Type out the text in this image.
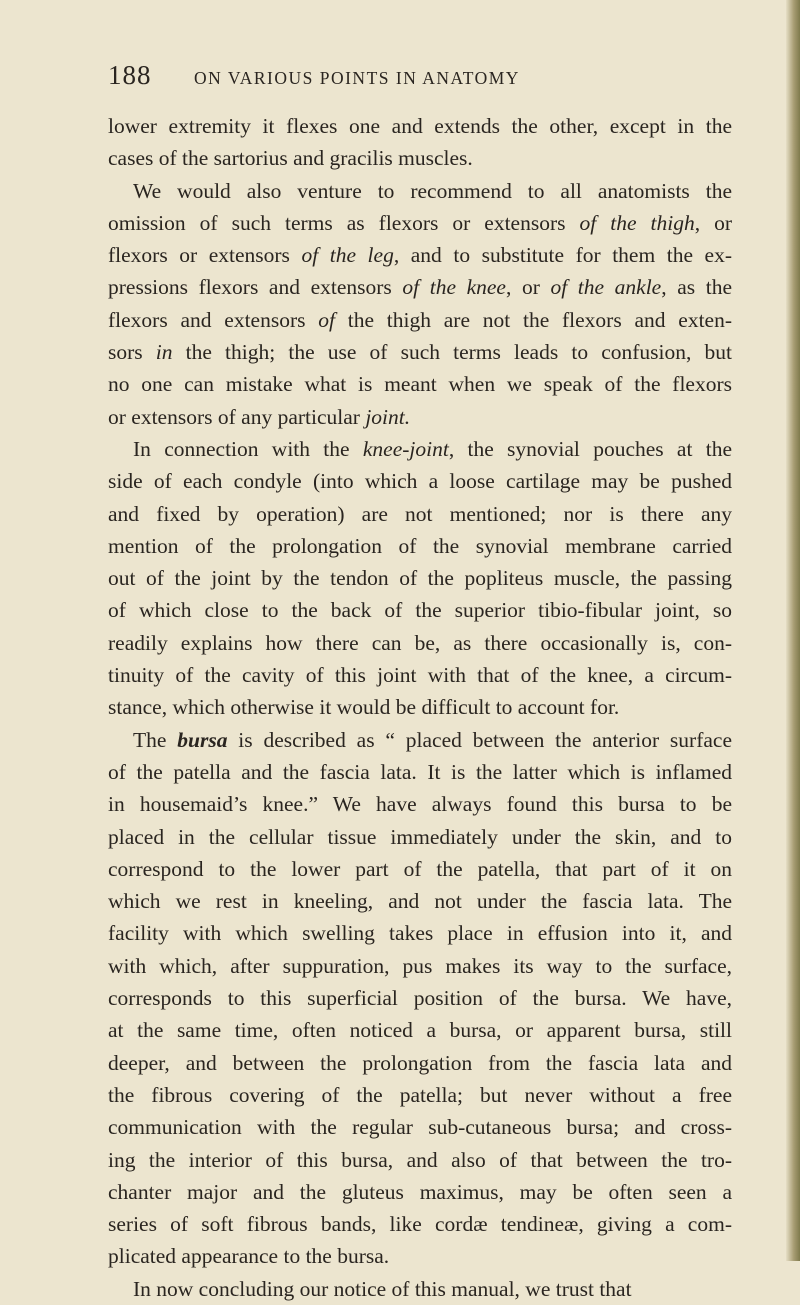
188 ON VARIOUS POINTS IN ANATOMY
lower extremity it flexes one and extends the other, except in the
cases of the sartorius and gracilis muscles.
We would also venture to recommend to all anatomists the
omission of such terms as flexors or extensors of the thigh, or
flexors or extensors of the leg, and to substitute for them the ex-
pressions flexors and extensors of the knee, or of the ankle, as the
flexors and extensors of the thigh are not the flexors and exten-
sors in the thigh; the use of such terms leads to confusion, but
no one can mistake what is meant when we speak of the flexors
or extensors of any particular joint.
In connection with the knee-joint, the synovial pouches at the
side of each condyle (into which a loose cartilage may be pushed
and fixed by operation) are not mentioned; nor is there any
mention of the prolongation of the synovial membrane carried
out of the joint by the tendon of the popliteus muscle, the passing
of which close to the back of the superior tibio-fibular joint, so
readily explains how there can be, as there occasionally is, con-
tinuity of the cavity of this joint with that of the knee, a circum-
stance, which otherwise it would be difficult to account for.
The bursa is described as “ placed between the anterior surface
of the patella and the fascia lata. It is the latter which is inflamed
in housemaid’s knee.” We have always found this bursa to be
placed in the cellular tissue immediately under the skin, and to
correspond to the lower part of the patella, that part of it on
which we rest in kneeling, and not under the fascia lata. The
facility with which swelling takes place in effusion into it, and
with which, after suppuration, pus makes its way to the surface,
corresponds to this superficial position of the bursa. We have,
at the same time, often noticed a bursa, or apparent bursa, still
deeper, and between the prolongation from the fascia lata and
the fibrous covering of the patella; but never without a free
communication with the regular sub-cutaneous bursa; and cross-
ing the interior of this bursa, and also of that between the tro-
chanter major and the gluteus maximus, may be often seen a
series of soft fibrous bands, like cordæ tendineæ, giving a com-
plicated appearance to the bursa.
In now concluding our notice of this manual, we trust that
